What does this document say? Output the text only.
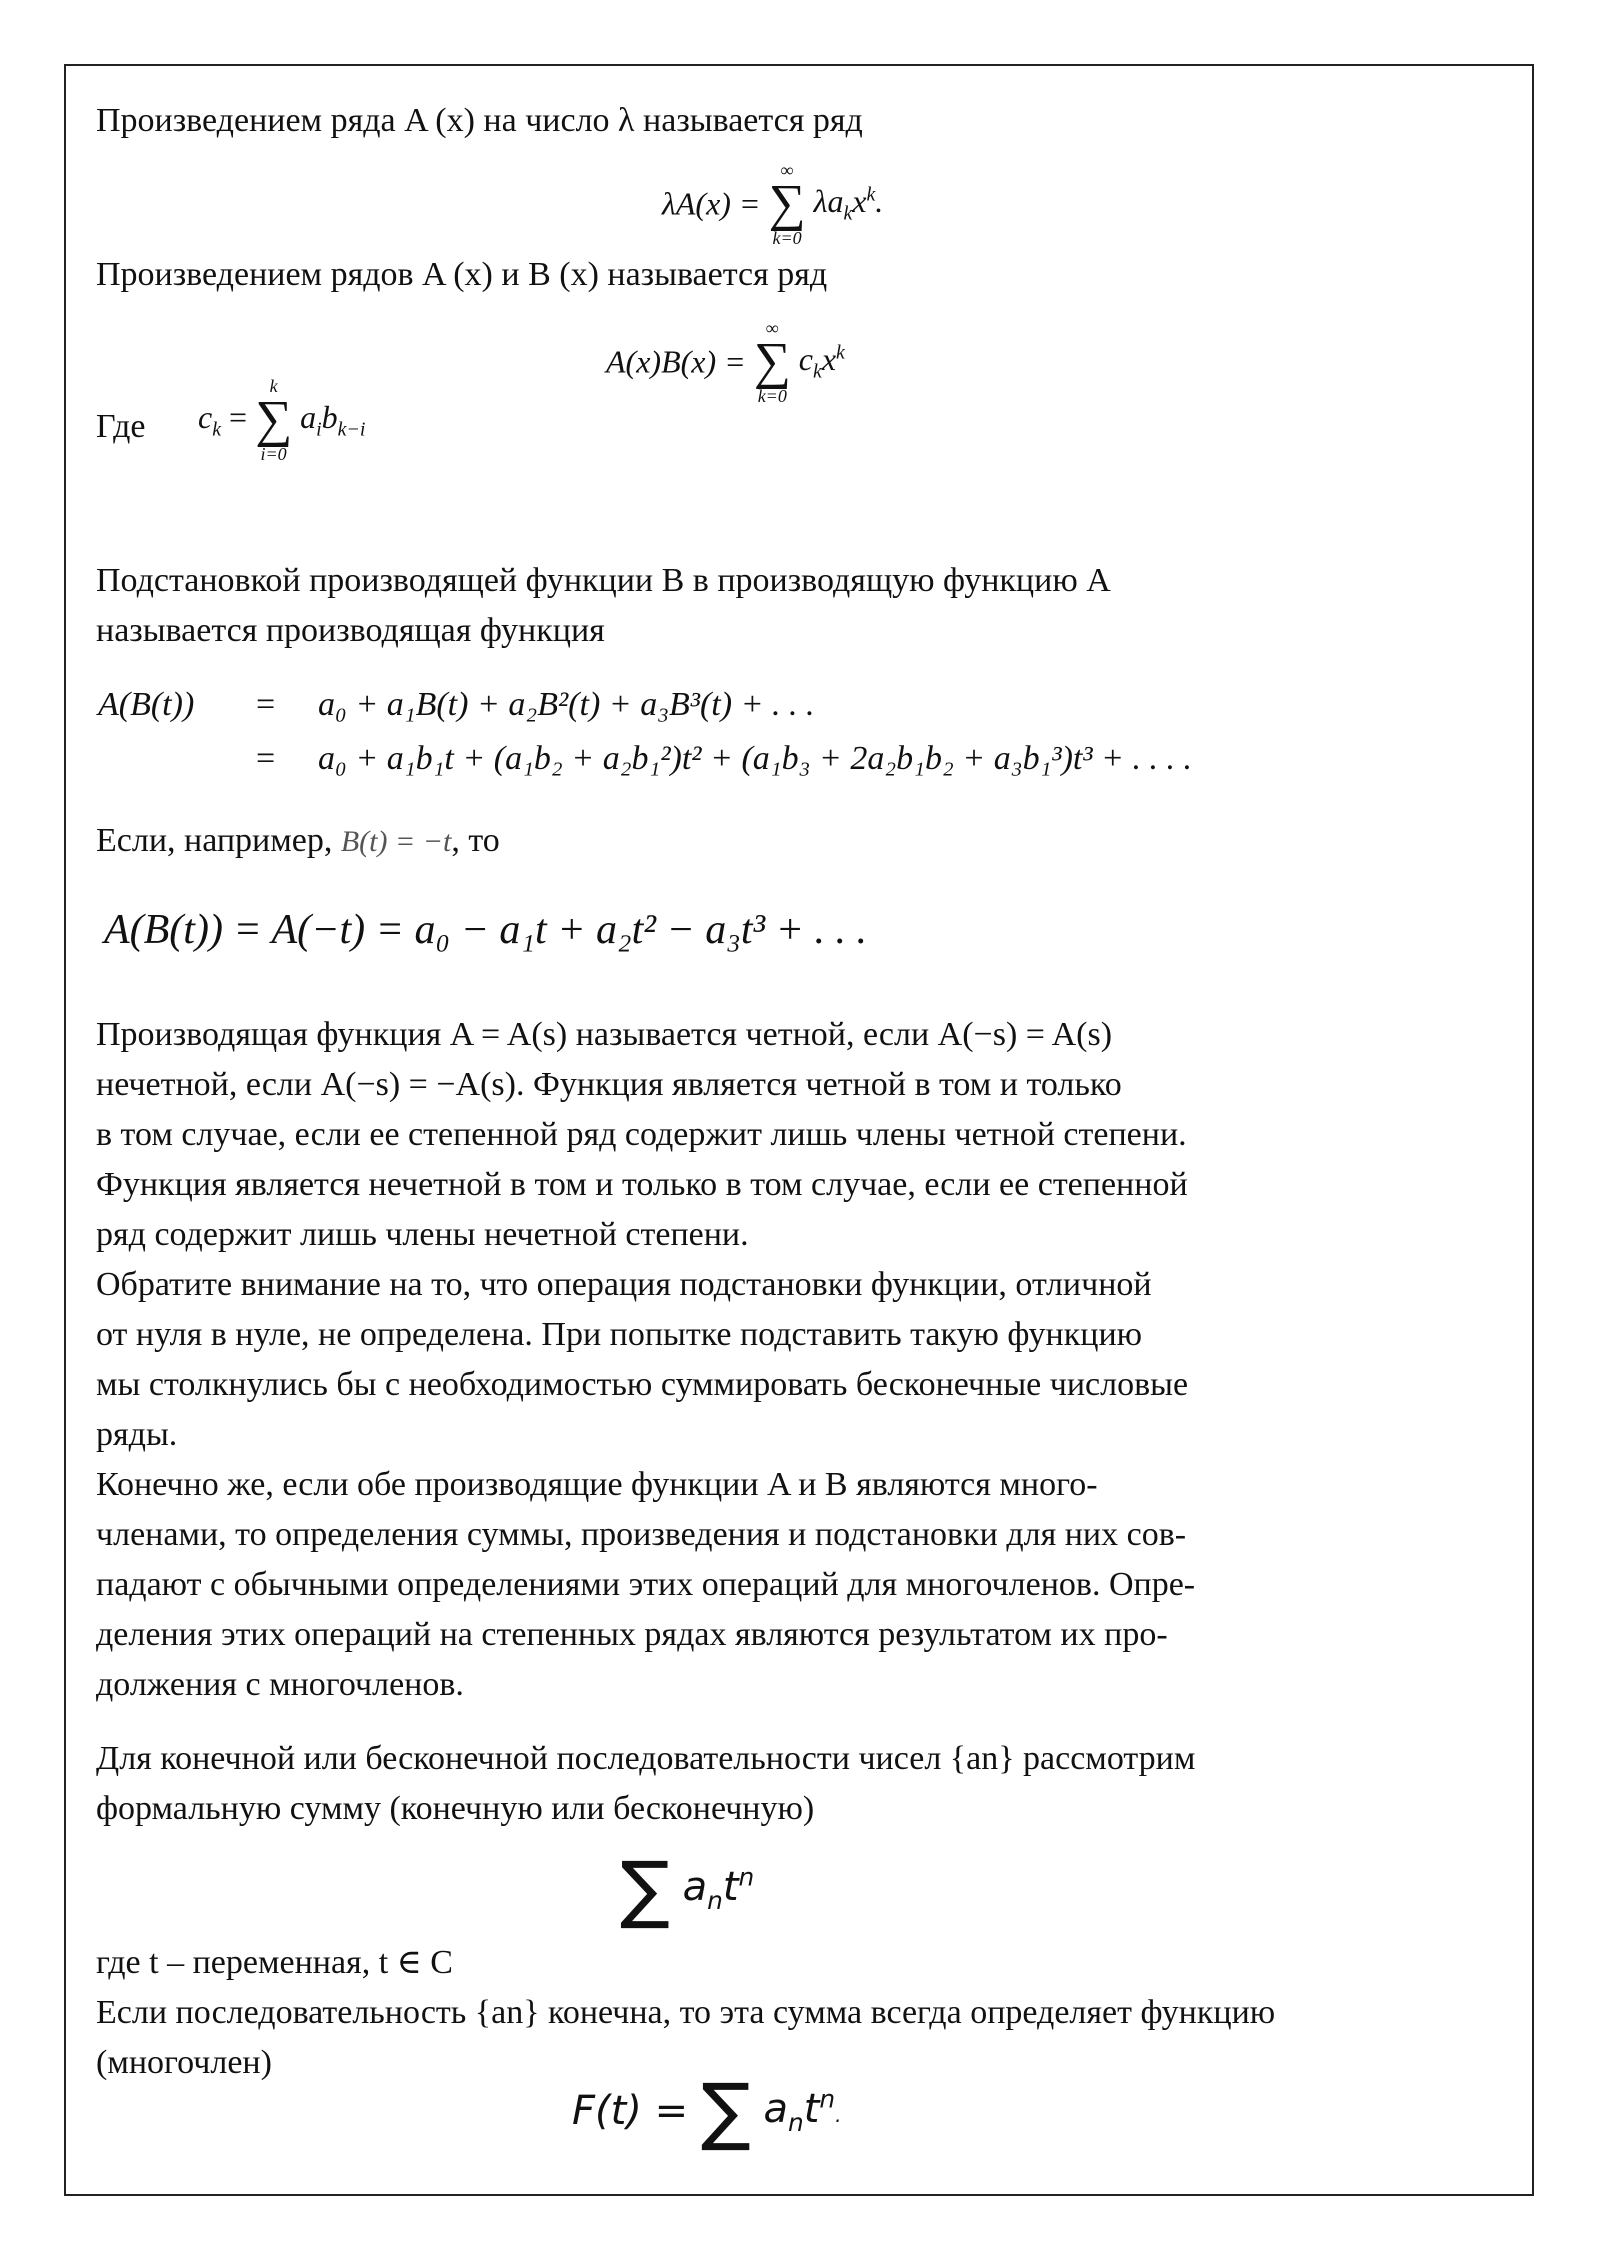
Произведением ряда A (x) на число λ называется ряд
λA(x) =
∞
∑
k=0
$\lambda a_kx^k$.
Произведением рядов A (x) и B (x) называется ряд
A(x)B(x) =
∞
∑
k=0
$c_kx^k$
Где $c_k$ =
k
∑
i=0
$a_ib_{k-i}$
Подстановкой производящей функции B в производящую функцию A
называется производящая функция
A(B(t)) = a₀ + a₁B(t) + a₂B²(t) + a₃B³(t) + . . .
= a₀ + a₁b₁t + (a₁b₂ + a₂b₁²)t² + (a₁b₃ + 2a₂b₁b₂ + a₃b₁³)t³ + . . . .
Если, например, B(t) = −t, то
A(B(t)) = A(−t) = a₀ − a₁t + a₂t² − a₃t³ + . . .
Производящая функция A = A(s) называется четной, если A(−s) = A(s)
нечетной, если A(−s) = −A(s). Функция является четной в том и только
в том случае, если ее степенной ряд содержит лишь члены четной степени.
Функция является нечетной в том и только в том случае, если ее степенной
ряд содержит лишь члены нечетной степени.
Обратите внимание на то, что операция подстановки функции, отличной
от нуля в нуле, не определена. При попытке подставить такую функцию
мы столкнулись бы с необходимостью суммировать бесконечные числовые
ряды.
Конечно же, если обе производящие функции A и B являются много-
членами, то определения суммы, произведения и подстановки для них сов-
падают с обычными определениями этих операций для многочленов. Опре-
деления этих операций на степенных рядах являются результатом их про-
должения с многочленов.
Для конечной или бесконечной последовательности чисел {an} рассмотрим
формальную сумму (конечную или бесконечную)
∑ $a_nt^n$
где t – переменная, t ∈ C
Если последовательность {an} конечна, то эта сумма всегда определяет функцию
(многочлен)
F(t) = ∑ $a_nt^n$.
